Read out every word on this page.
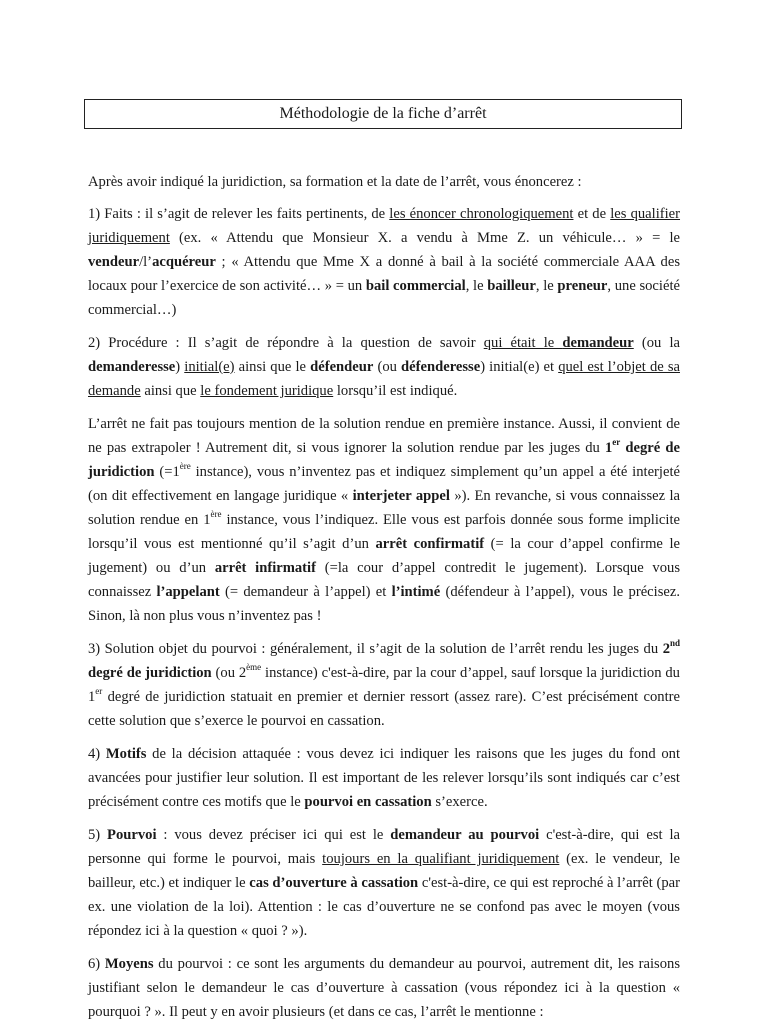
Méthodologie de la fiche d’arrêt

Après avoir indiqué la juridiction, sa formation et la date de l’arrêt, vous énoncerez :

1) Faits : il s’agit de relever les faits pertinents, de les énoncer chronologiquement et de les qualifier juridiquement (ex. « Attendu que Monsieur X. a vendu à Mme Z. un véhicule… » = le vendeur/l’acquéreur ; « Attendu que Mme X a donné à bail à la société commerciale AAA des locaux pour l’exercice de son activité… » = un bail commercial, le bailleur, le preneur, une société commercial…)

2) Procédure : Il s’agit de répondre à la question de savoir qui était le demandeur (ou la demanderesse) initial(e) ainsi que le défendeur (ou défenderesse) initial(e) et quel est l’objet de sa demande ainsi que le fondement juridique lorsqu’il est indiqué.

L’arrêt ne fait pas toujours mention de la solution rendue en première instance. Aussi, il convient de ne pas extrapoler ! Autrement dit, si vous ignorer la solution rendue par les juges du 1er degré de juridiction (=1ère instance), vous n’inventez pas et indiquez simplement qu’un appel a été interjeté (on dit effectivement en langage juridique « interjeter appel »). En revanche, si vous connaissez la solution rendue en 1ère instance, vous l’indiquez. Elle vous est parfois donnée sous forme implicite lorsqu’il vous est mentionné qu’il s’agit d’un arrêt confirmatif (= la cour d’appel confirme le jugement) ou d’un arrêt infirmatif (=la cour d’appel contredit le jugement). Lorsque vous connaissez l’appelant (= demandeur à l’appel) et l’intimé (défendeur à l’appel), vous le précisez. Sinon, là non plus vous n’inventez pas !

3) Solution objet du pourvoi : généralement, il s’agit de la solution de l’arrêt rendu les juges du 2nd degré de juridiction (ou 2ème instance) c'est-à-dire, par la cour d’appel, sauf lorsque la juridiction du 1er degré de juridiction statuait en premier et dernier ressort (assez rare). C’est précisément contre cette solution que s’exerce le pourvoi en cassation.

4) Motifs de la décision attaquée : vous devez ici indiquer les raisons que les juges du fond ont avancées pour justifier leur solution. Il est important de les relever lorsqu’ils sont indiqués car c’est précisément contre ces motifs que le pourvoi en cassation s’exerce.

5) Pourvoi : vous devez préciser ici qui est le demandeur au pourvoi c'est-à-dire, qui est la personne qui forme le pourvoi, mais toujours en la qualifiant juridiquement (ex. le vendeur, le bailleur, etc.) et indiquer le cas d’ouverture à cassation c'est-à-dire, ce qui est reproché à l’arrêt (par ex. une violation de la loi). Attention : le cas d’ouverture ne se confond pas avec le moyen (vous répondez ici à la question « quoi ? »).

6) Moyens du pourvoi : ce sont les arguments du demandeur au pourvoi, autrement dit, les raisons justifiant selon le demandeur le cas d’ouverture à cassation (vous répondez ici à la question « pourquoi ? ». Il peut y en avoir plusieurs (et dans ce cas, l’arrêt le mentionne :
